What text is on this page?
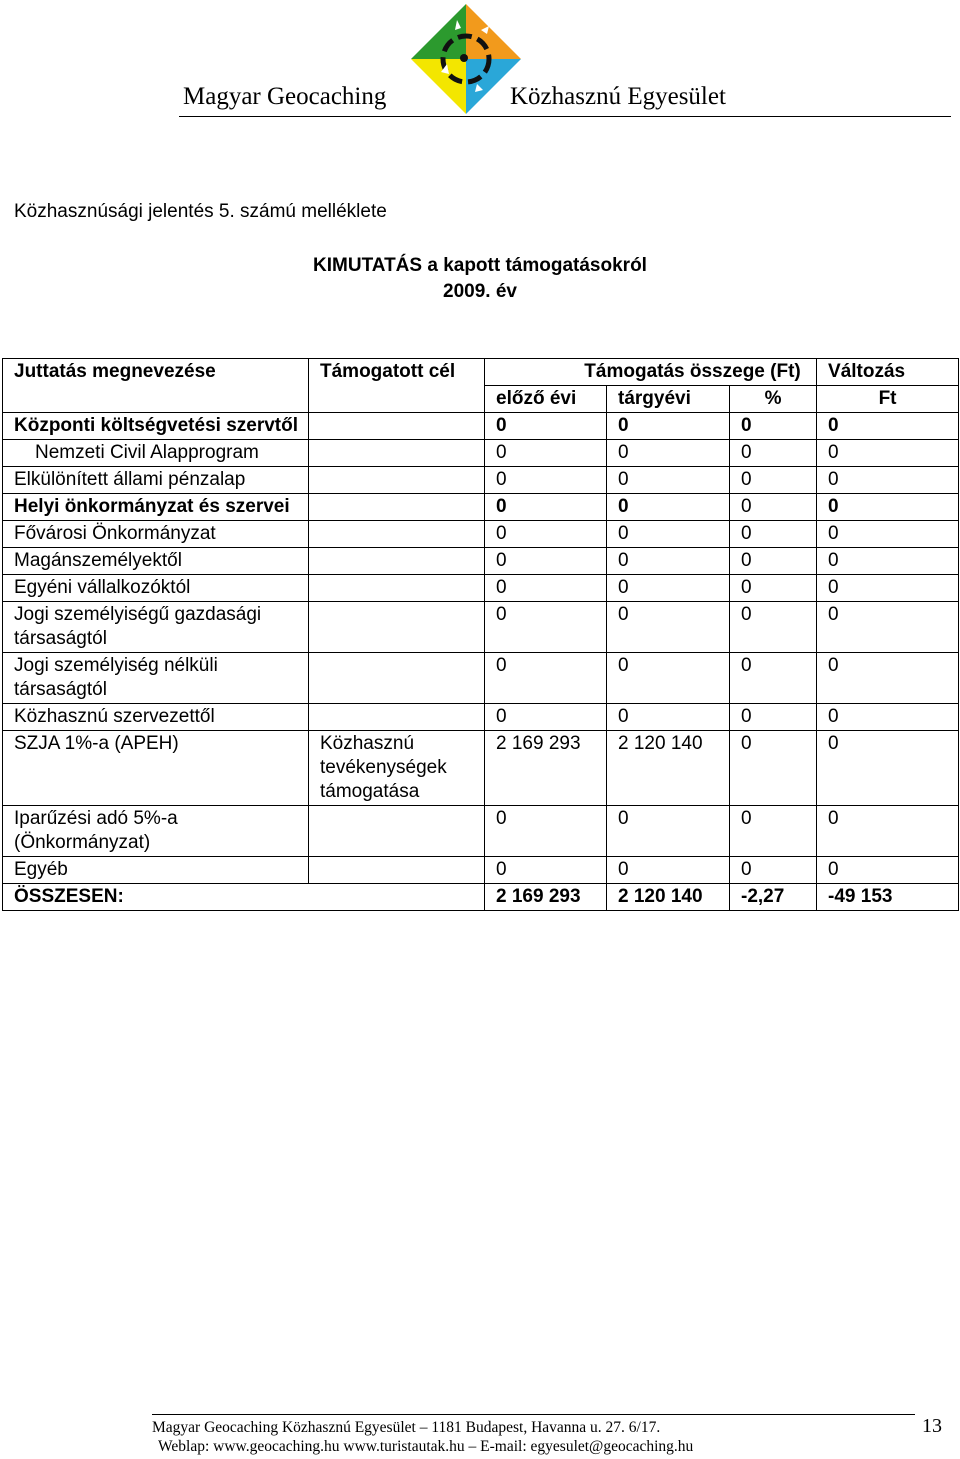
Magyar Geocaching	Közhasznú Egyesület
Közhasznúsági jelentés 5. számú melléklete
KIMUTATÁS a kapott támogatásokról
2009. év
Juttatás megnevezése	Támogatott cél	Támogatás összege (Ft)			Változás
		előző évi	tárgyévi	%	Ft
Központi költségvetési szervtől		0	0	0	0
Nemzeti Civil Alapprogram		0	0	0	0
Elkülönített állami pénzalap		0	0	0	0
Helyi önkormányzat és szervei		0	0	0	0
Fővárosi Önkormányzat		0	0	0	0
Magánszemélyektől		0	0	0	0
Egyéni vállalkozóktól		0	0	0	0
Jogi személyiségű gazdasági társaságtól		0	0	0	0
Jogi személyiség nélküli társaságtól		0	0	0	0
Közhasznú szervezettől		0	0	0	0
SZJA 1%-a (APEH)	Közhasznú tevékenységek támogatása	2 169 293	2 120 140	0	0
Iparűzési adó 5%-a (Önkormányzat)		0	0	0	0
Egyéb		0	0	0	0
ÖSSZESEN:		2 169 293	2 120 140	-2,27	-49 153
Magyar Geocaching Közhasznú Egyesület – 1181 Budapest, Havanna u. 27. 6/17.
Weblap: www.geocaching.hu www.turistautak.hu – E-mail: egyesulet@geocaching.hu
13
